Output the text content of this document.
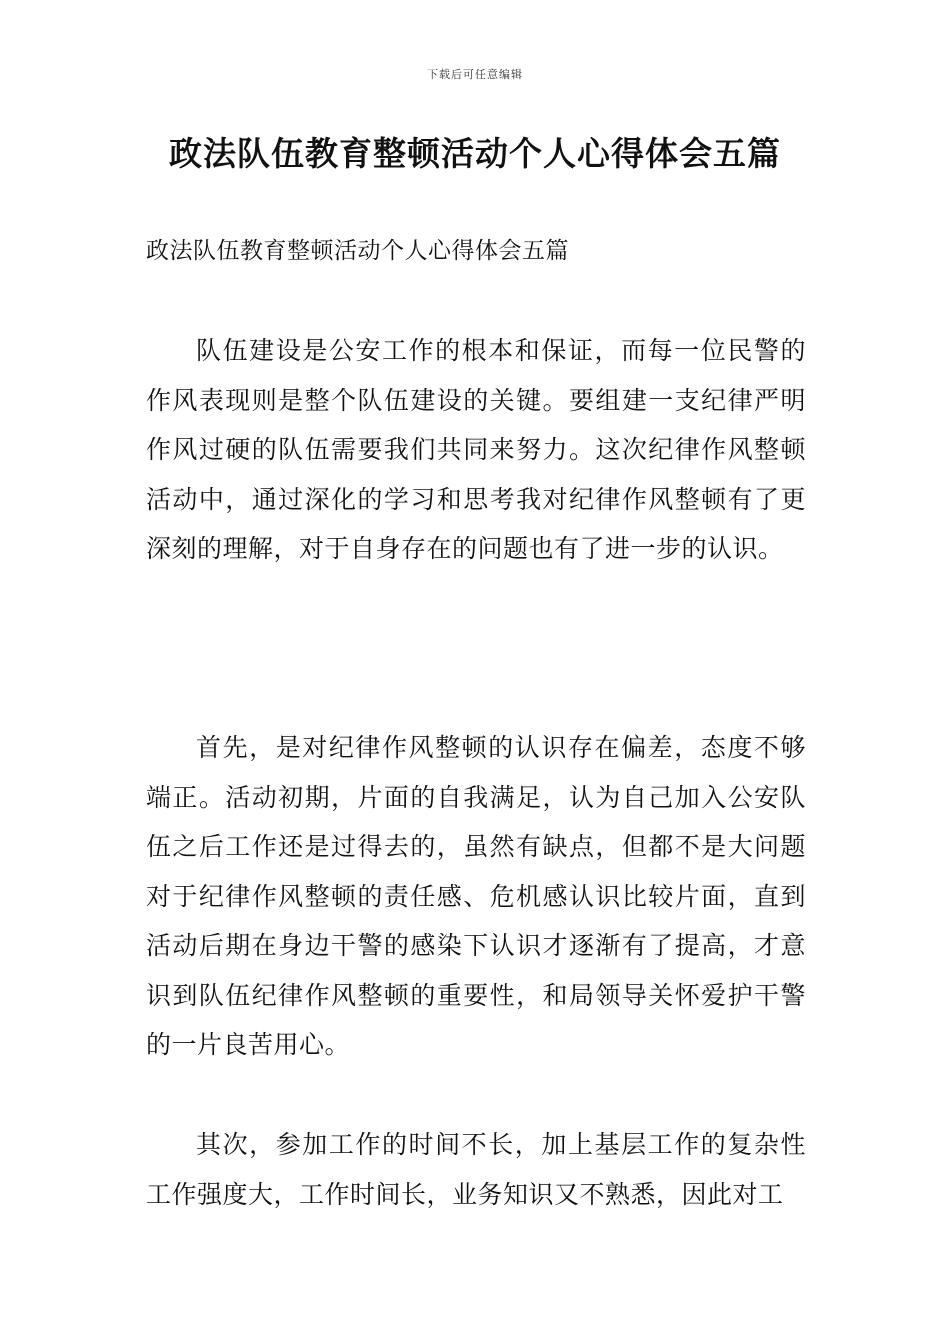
下载后可任意编辑
政法队伍教育整顿活动个人心得体会五篇

政法队伍教育整顿活动个人心得体会五篇

队伍建设是公安工作的根本和保证，而每一位民警的作风表现则是整个队伍建设的关键。要组建一支纪律严明作风过硬的队伍需要我们共同来努力。这次纪律作风整顿活动中，通过深化的学习和思考我对纪律作风整顿有了更深刻的理解，对于自身存在的问题也有了进一步的认识。

首先，是对纪律作风整顿的认识存在偏差，态度不够端正。活动初期，片面的自我满足，认为自己加入公安队伍之后工作还是过得去的，虽然有缺点，但都不是大问题对于纪律作风整顿的责任感、危机感认识比较片面，直到活动后期在身边干警的感染下认识才逐渐有了提高，才意识到队伍纪律作风整顿的重要性，和局领导关怀爱护干警的一片良苦用心。

其次，参加工作的时间不长，加上基层工作的复杂性工作强度大，工作时间长，业务知识又不熟悉，因此对工
